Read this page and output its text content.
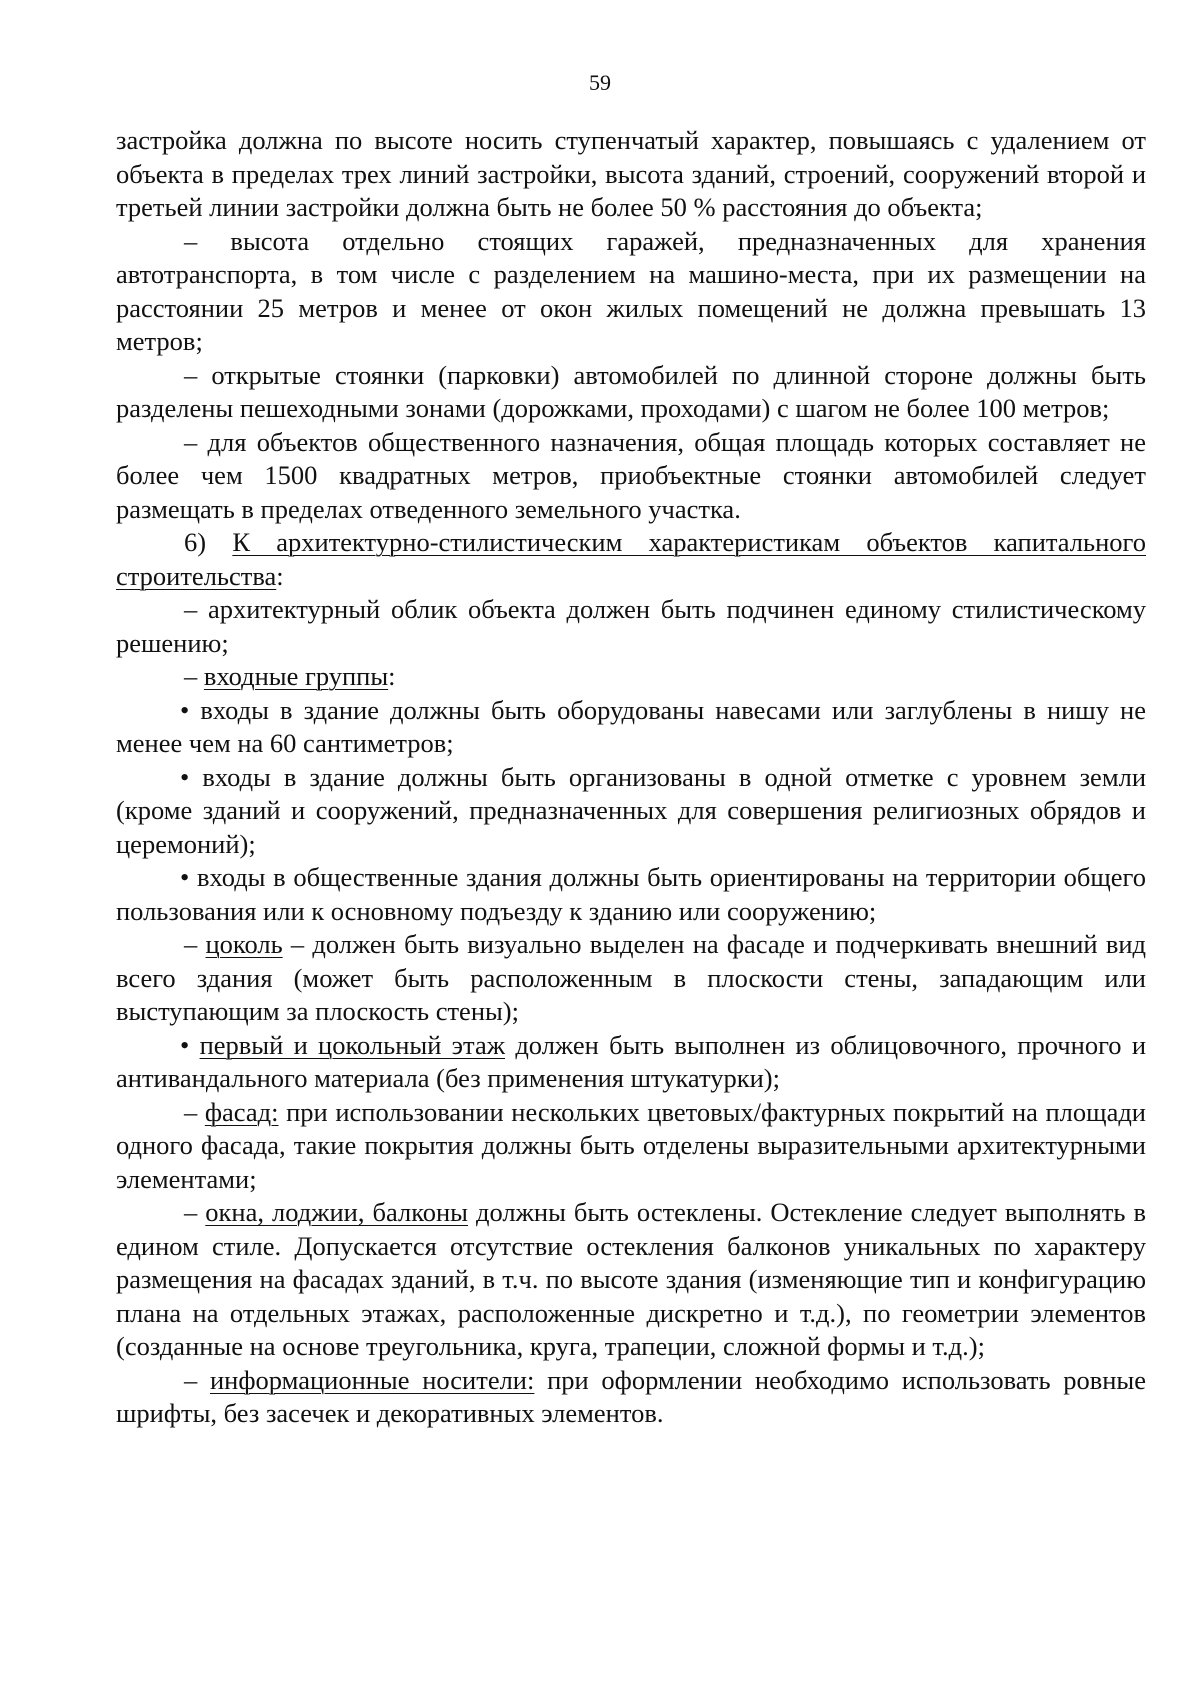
59

застройка должна по высоте носить ступенчатый характер, повышаясь с удалением от объекта в пределах трех линий застройки, высота зданий, строений, сооружений второй и третьей линии застройки должна быть не более 50 % расстояния до объекта;

– высота отдельно стоящих гаражей, предназначенных для хранения автотранспорта, в том числе с разделением на машино-места, при их размещении на расстоянии 25 метров и менее от окон жилых помещений не должна превышать 13 метров;

– открытые стоянки (парковки) автомобилей по длинной стороне должны быть разделены пешеходными зонами (дорожками, проходами) с шагом не более 100 метров;

– для объектов общественного назначения, общая площадь которых составляет не более чем 1500 квадратных метров, приобъектные стоянки автомобилей следует размещать в пределах отведенного земельного участка.

6) К архитектурно-стилистическим характеристикам объектов капитального строительства:

– архитектурный облик объекта должен быть подчинен единому стилистическому решению;

– входные группы:

• входы в здание должны быть оборудованы навесами или заглублены в нишу не менее чем на 60 сантиметров;

• входы в здание должны быть организованы в одной отметке с уровнем земли (кроме зданий и сооружений, предназначенных для совершения религиозных обрядов и церемоний);

• входы в общественные здания должны быть ориентированы на территории общего пользования или к основному подъезду к зданию или сооружению;

– цоколь – должен быть визуально выделен на фасаде и подчеркивать внешний вид всего здания (может быть расположенным в плоскости стены, западающим или выступающим за плоскость стены);

• первый и цокольный этаж должен быть выполнен из облицовочного, прочного и антивандального материала (без применения штукатурки);

– фасад: при использовании нескольких цветовых/фактурных покрытий на площади одного фасада, такие покрытия должны быть отделены выразительными архитектурными элементами;

– окна, лоджии, балконы должны быть остеклены. Остекление следует выполнять в едином стиле. Допускается отсутствие остекления балконов уникальных по характеру размещения на фасадах зданий, в т.ч. по высоте здания (изменяющие тип и конфигурацию плана на отдельных этажах, расположенные дискретно и т.д.), по геометрии элементов (созданные на основе треугольника, круга, трапеции, сложной формы и т.д.);

– информационные носители: при оформлении необходимо использовать ровные шрифты, без засечек и декоративных элементов.
